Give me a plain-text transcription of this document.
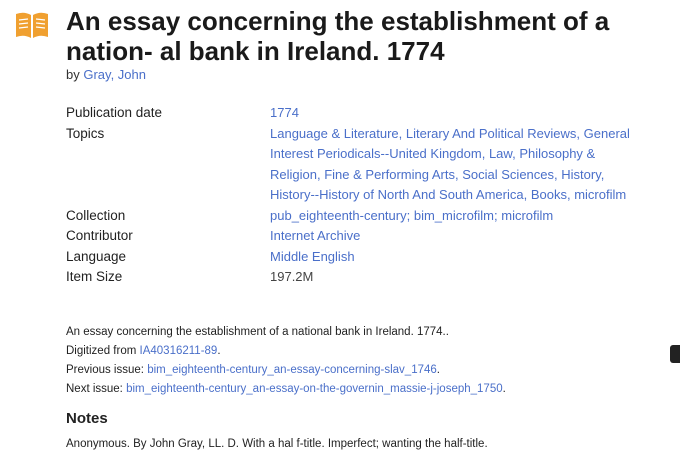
An essay concerning the establishment of a nation- al bank in Ireland. 1774
by Gray, John
Publication date	1774
Topics	Language & Literature, Literary And Political Reviews, General Interest Periodicals--United Kingdom, Law, Philosophy & Religion, Fine & Performing Arts, Social Sciences, History, History--History of North And South America, Books, microfilm
Collection	pub_eighteenth-century; bim_microfilm; microfilm
Contributor	Internet Archive
Language	Middle English
Item Size	197.2M
An essay concerning the establishment of a national bank in Ireland. 1774..
Digitized from IA40316211-89.
Previous issue: bim_eighteenth-century_an-essay-concerning-slav_1746.
Next issue: bim_eighteenth-century_an-essay-on-the-governin_massie-j-joseph_1750.
Notes
Anonymous. By John Gray, LL. D. With a hal f-title. Imperfect; wanting the half-title.
